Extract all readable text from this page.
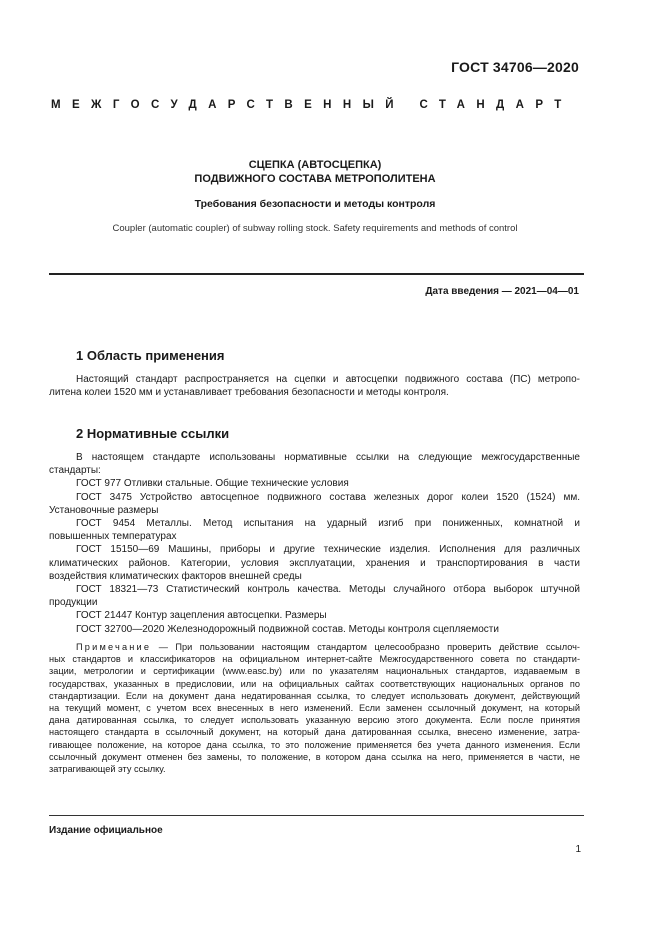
ГОСТ 34706—2020
МЕЖГОСУДАРСТВЕННЫЙ СТАНДАРТ
СЦЕПКА (АВТОСЦЕПКА)
ПОДВИЖНОГО СОСТАВА МЕТРОПОЛИТЕНА
Требования безопасности и методы контроля
Coupler (automatic coupler) of subway rolling stock. Safety requirements and methods of control
Дата введения — 2021—04—01
1 Область применения
Настоящий стандарт распространяется на сцепки и автосцепки подвижного состава (ПС) метропо-
литена колеи 1520 мм и устанавливает требования безопасности и методы контроля.
2 Нормативные ссылки
В настоящем стандарте использованы нормативные ссылки на следующие межгосударственные
стандарты:
ГОСТ 977 Отливки стальные. Общие технические условия
ГОСТ 3475 Устройство автосцепное подвижного состава железных дорог колеи 1520 (1524) мм.
Установочные размеры
ГОСТ 9454 Металлы. Метод испытания на ударный изгиб при пониженных, комнатной и
повышенных температурах
ГОСТ 15150—69 Машины, приборы и другие технические изделия. Исполнения для различных
климатических районов. Категории, условия эксплуатации, хранения и транспортирования в части
воздействия климатических факторов внешней среды
ГОСТ 18321—73 Статистический контроль качества. Методы случайного отбора выборок штучной
продукции
ГОСТ 21447 Контур зацепления автосцепки. Размеры
ГОСТ 32700—2020 Железнодорожный подвижной состав. Методы контроля сцепляемости
Примечание — При пользовании настоящим стандартом целесообразно проверить действие ссылоч-
ных стандартов и классификаторов на официальном интернет-сайте Межгосударственного совета по стандарти-
зации, метрологии и сертификации (www.easc.by) или по указателям национальных стандартов, издаваемым в
государствах, указанных в предисловии, или на официальных сайтах соответствующих национальных органов по
стандартизации. Если на документ дана недатированная ссылка, то следует использовать документ, действующий
на текущий момент, с учетом всех внесенных в него изменений. Если заменен ссылочный документ, на который
дана датированная ссылка, то следует использовать указанную версию этого документа. Если после принятия
настоящего стандарта в ссылочный документ, на который дана датированная ссылка, внесено изменение, затра-
гивающее положение, на которое дана ссылка, то это положение применяется без учета данного изменения. Если
ссылочный документ отменен без замены, то положение, в котором дана ссылка на него, применяется в части, не
затрагивающей эту ссылку.
Издание официальное
1
